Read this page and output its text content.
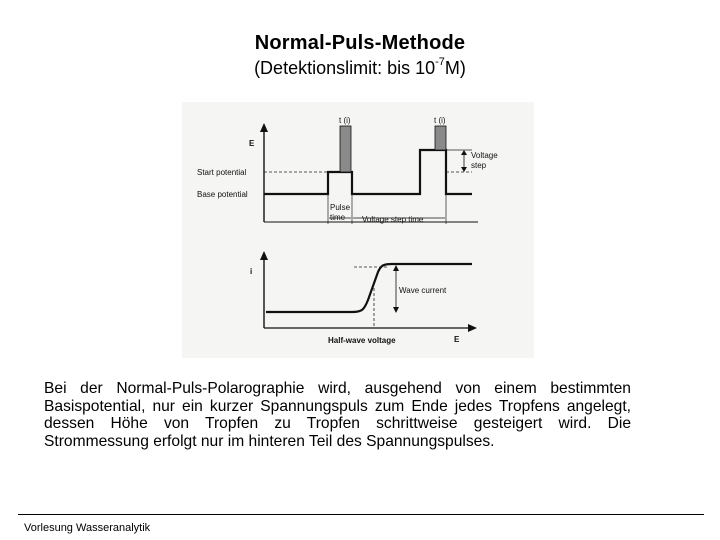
Normal-Puls-Methode
(Detektionslimit: bis $10^{-7}M$)
E
Start potential
Base potential
t (i)	t (i)
Voltage
step
Pulse
time Voltage step time
i
Wave current
Half-wave voltage	E
Bei der Normal-Puls-Polarographie wird, ausgehend von einem bestimmten Basispotential, nur ein kurzer Spannungspuls zum Ende jedes Tropfens angelegt, dessen Höhe von Tropfen zu Tropfen schrittweise gesteigert wird. Die Strommessung erfolgt nur im hinteren Teil des Spannungspulses.
Vorlesung Wasseranalytik
